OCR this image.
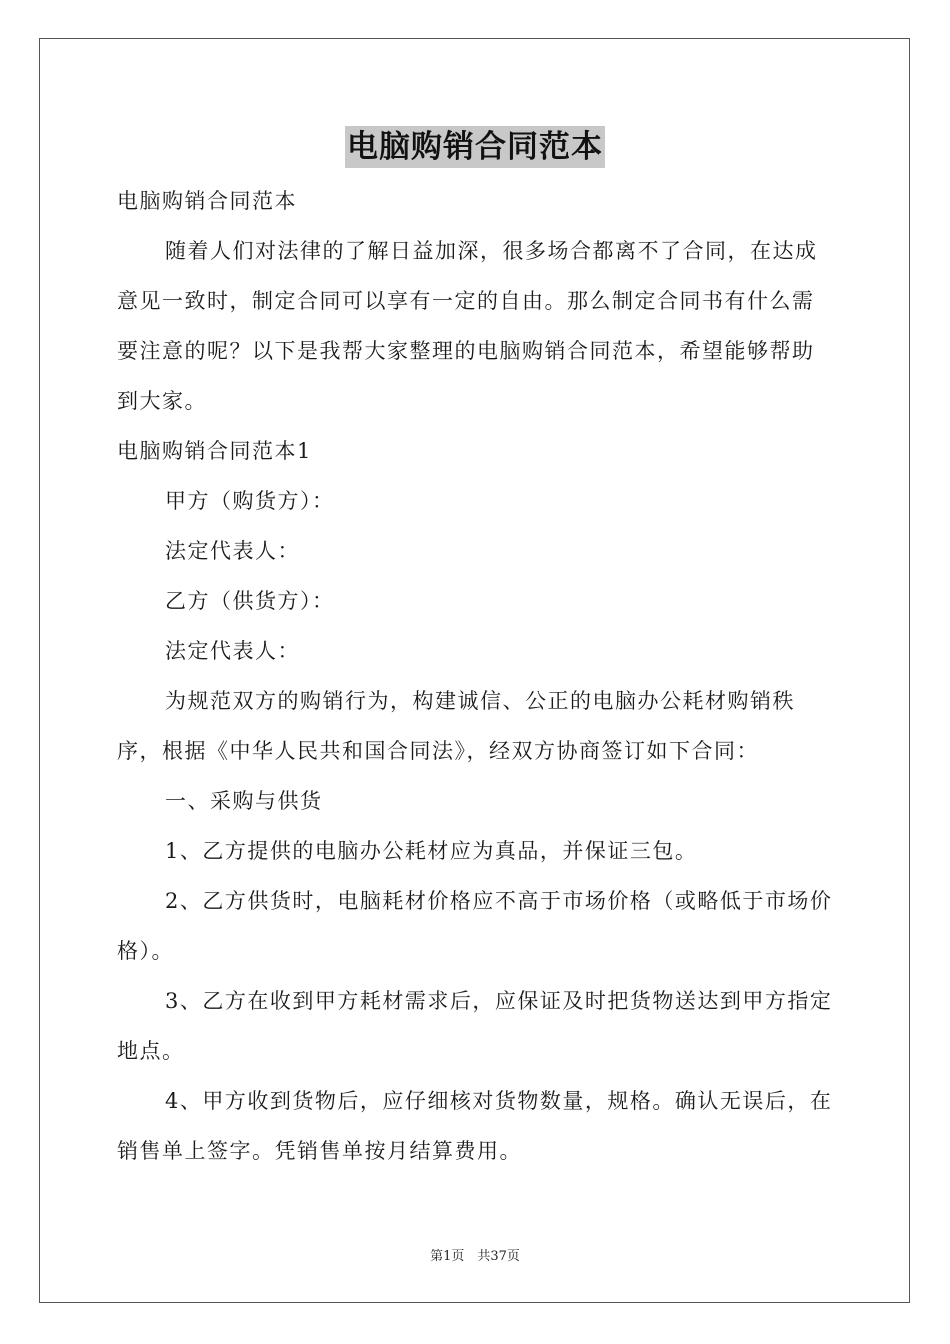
电脑购销合同范本

电脑购销合同范本

随着人们对法律的了解日益加深，很多场合都离不了合同，在达成意见一致时，制定合同可以享有一定的自由。那么制定合同书有什么需要注意的呢？以下是我帮大家整理的电脑购销合同范本，希望能够帮助到大家。

电脑购销合同范本1

甲方（购货方）：

法定代表人：

乙方（供货方）：

法定代表人：

为规范双方的购销行为，构建诚信、公正的电脑办公耗材购销秩序，根据《中华人民共和国合同法》，经双方协商签订如下合同：

一、采购与供货

1、乙方提供的电脑办公耗材应为真品，并保证三包。

2、乙方供货时，电脑耗材价格应不高于市场价格（或略低于市场价格）。

3、乙方在收到甲方耗材需求后，应保证及时把货物送达到甲方指定地点。

4、甲方收到货物后，应仔细核对货物数量，规格。确认无误后，在销售单上签字。凭销售单按月结算费用。

第1页　共37页
